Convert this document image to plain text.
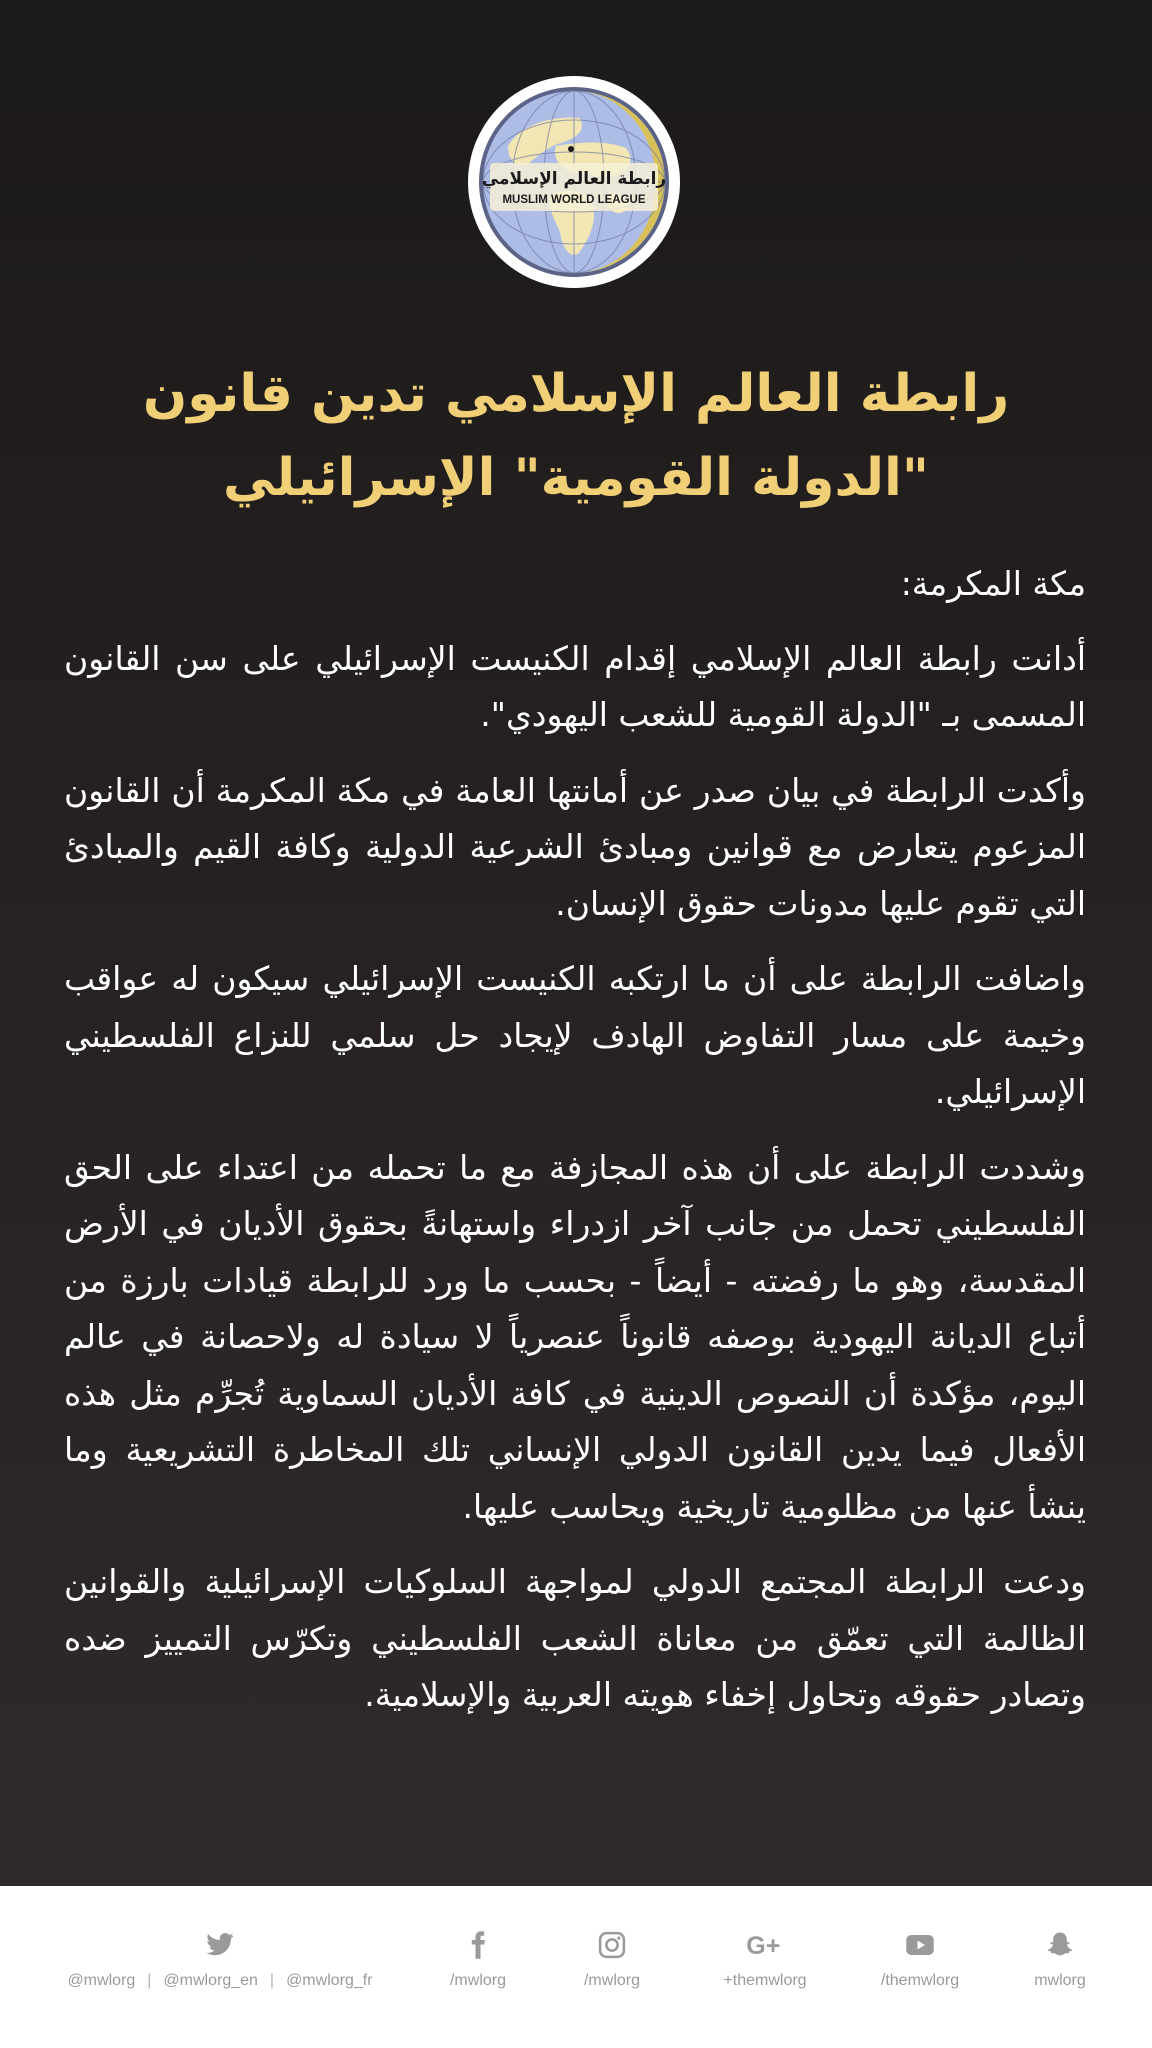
رابطة العالم الإسلامي
MUSLIM WORLD LEAGUE
رابطة العالم الإسلامي تدين قانون
"الدولة القومية" الإسرائيلي

مكة المكرمة:

أدانت رابطة العالم الإسلامي إقدام الكنيست الإسرائيلي على سن القانون المسمى بـ "الدولة القومية للشعب اليهودي".

وأكدت الرابطة في بيان صدر عن أمانتها العامة في مكة المكرمة أن القانون المزعوم يتعارض مع قوانين ومبادئ الشرعية الدولية وكافة القيم والمبادئ التي تقوم عليها مدونات حقوق الإنسان.

واضافت الرابطة على أن ما ارتكبه الكنيست الإسرائيلي سيكون له عواقب وخيمة على مسار التفاوض الهادف لإيجاد حل سلمي للنزاع الفلسطيني الإسرائيلي.

وشددت الرابطة على أن هذه المجازفة مع ما تحمله من اعتداء على الحق الفلسطيني تحمل من جانب آخر ازدراء واستهانةً بحقوق الأديان في الأرض المقدسة، وهو ما رفضته - أيضاً - بحسب ما ورد للرابطة قيادات بارزة من أتباع الديانة اليهودية بوصفه قانوناً عنصرياً لا سيادة له ولاحصانة في عالم اليوم، مؤكدة أن النصوص الدينية في كافة الأديان السماوية تُجرِّم مثل هذه الأفعال فيما يدين القانون الدولي الإنساني تلك المخاطرة التشريعية وما ينشأ عنها من مظلومية تاريخية ويحاسب عليها.

ودعت الرابطة المجتمع الدولي لمواجهة السلوكيات الإسرائيلية والقوانين الظالمة التي تعمّق من معاناة الشعب الفلسطيني وتكرّس التمييز ضده وتصادر حقوقه وتحاول إخفاء هويته العربية والإسلامية.

@mwlorg | @mwlorg_en | @mwlorg_fr	/mwlorg	/mwlorg
G+
+themwlorg	/themwlorg	mwlorg
